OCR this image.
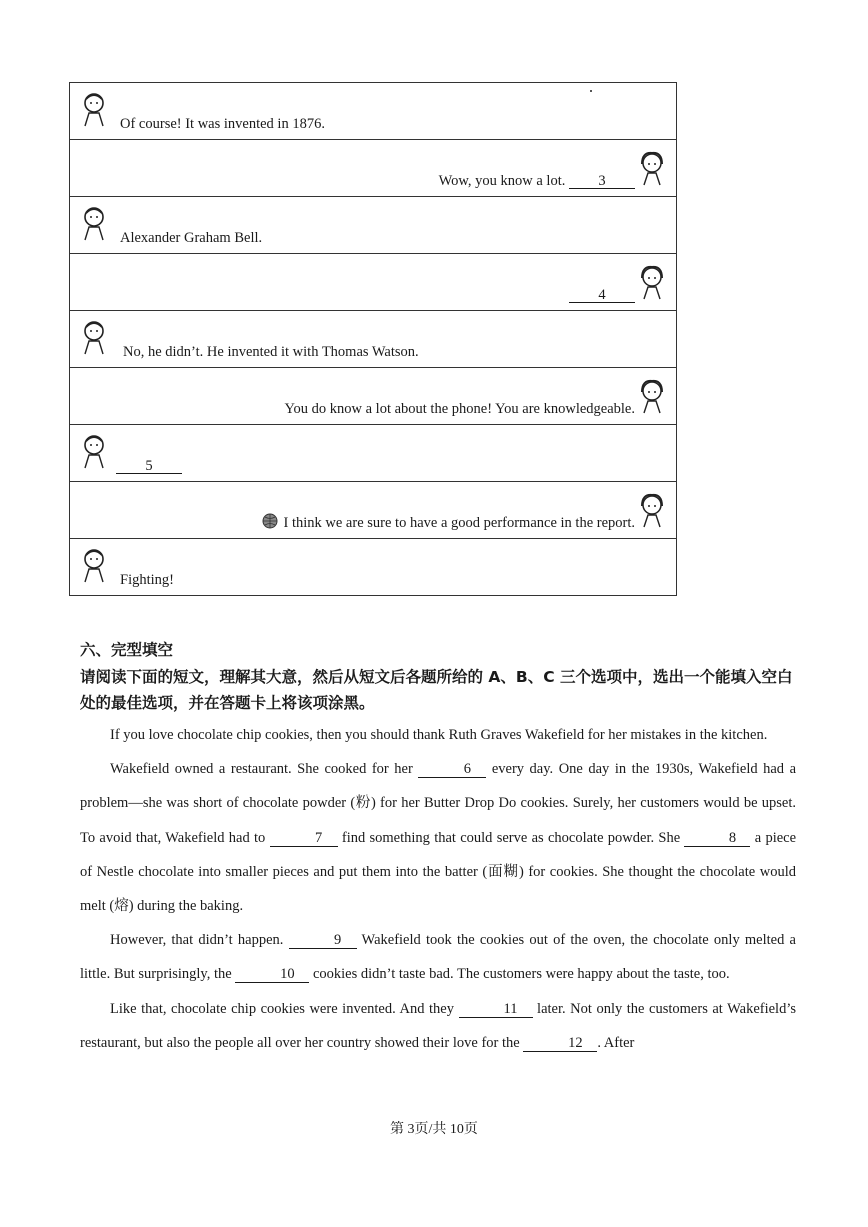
Of course! It was invented in 1876.
Wow, you know a lot. 3
Alexander Graham Bell.
4
No, he didn’t. He invented it with Thomas Watson.
You do know a lot about the phone! You are knowledgeable.
5
I think we are sure to have a good performance in the report.
Fighting!
六、完型填空
请阅读下面的短文，理解其大意，然后从短文后各题所给的 A、B、C 三个选项中，选出一个能填入空白处的最佳选项，并在答题卡上将该项涂黑。

If you love chocolate chip cookies, then you should thank Ruth Graves Wakefield for her mistakes in the kitchen.

Wakefield owned a restaurant. She cooked for her	6 every day. One day in the 1930s, Wakefield had a problem—she was short of chocolate powder (粉) for her Butter Drop Do cookies. Surely, her customers would be upset. To avoid that, Wakefield had to	7 find something that could serve as chocolate powder. She	8 a piece of Nestle chocolate into smaller pieces and put them into the batter (面糊) for cookies. She thought the chocolate would melt (熔) during the baking.

However, that didn’t happen.	9 Wakefield took the cookies out of the oven, the chocolate only melted a little. But surprisingly, the	10 cookies didn’t taste bad. The customers were happy about the taste, too.

Like that, chocolate chip cookies were invented. And they	11 later. Not only the customers at Wakefield’s restaurant, but also the people all over her country showed their love for the	12 . After

第 3页/共 10页
